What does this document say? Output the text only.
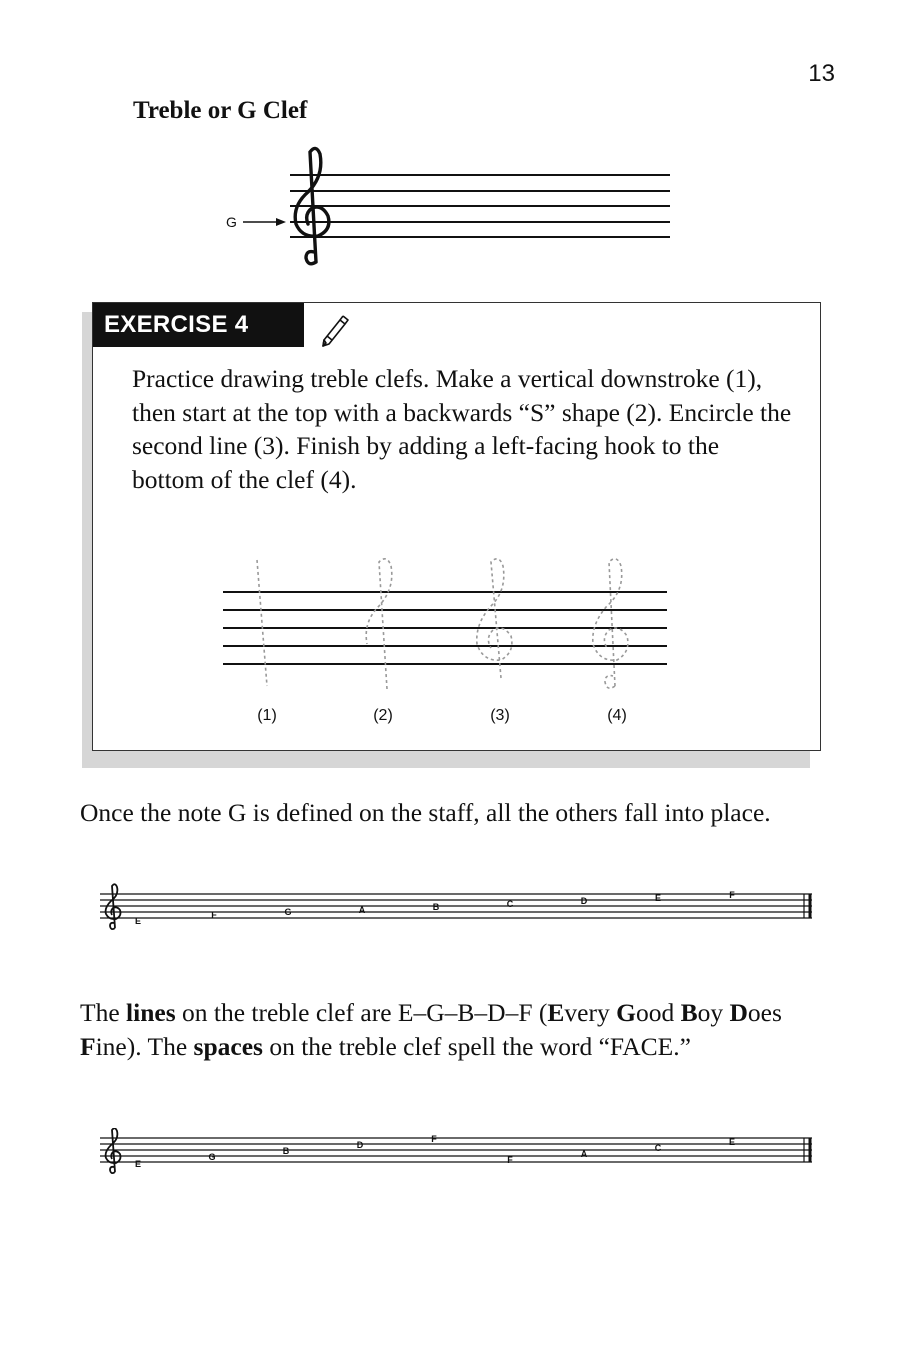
13
Treble or G Clef
G
EXERCISE 4
Practice drawing treble clefs. Make a vertical downstroke (1), then start at the top with a backwards “S” shape (2). Encircle the second line (3). Finish by adding a left-facing hook to the bottom of the clef (4).
(1)	(2)	(3)	(4)
Once the note G is defined on the staff, all the others fall into place.
E
F	G	A	B	C	D	E	F
The lines on the treble clef are E–G–B–D–F (Every Good Boy Does Fine). The spaces on the treble clef spell the word “FACE.”
E
G
B
D
F
F
A
C
E
